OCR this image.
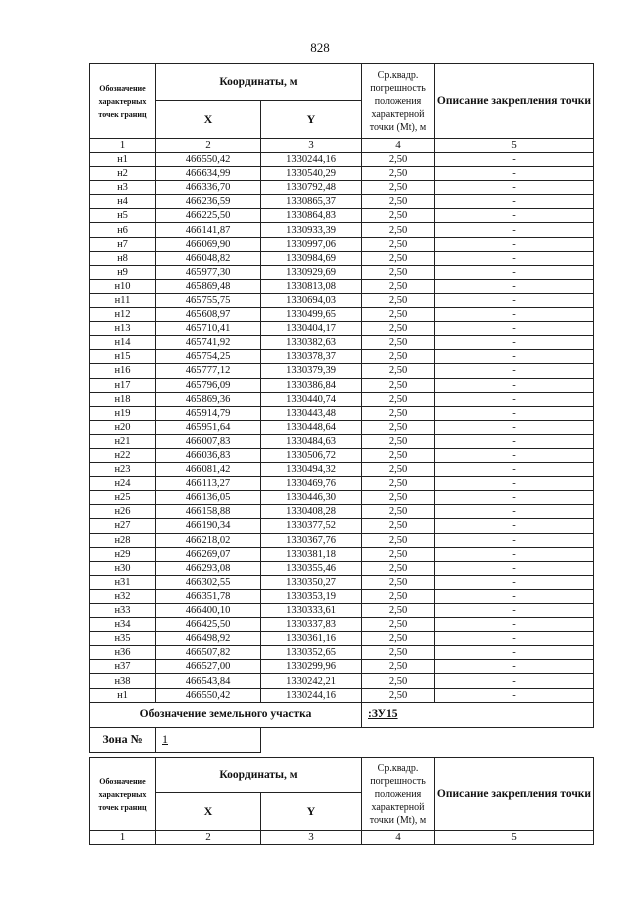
828
Обозначение характерных точек границ	Координаты, м		Ср.квадр. погрешность положения характерной точки (Мt), м	Описание закрепления точки
	X	Y		
1	2	3	4	5
н1	466550,42	1330244,16	2,50	-
н2	466634,99	1330540,29	2,50	-
н3	466336,70	1330792,48	2,50	-
н4	466236,59	1330865,37	2,50	-
н5	466225,50	1330864,83	2,50	-
н6	466141,87	1330933,39	2,50	-
н7	466069,90	1330997,06	2,50	-
н8	466048,82	1330984,69	2,50	-
н9	465977,30	1330929,69	2,50	-
н10	465869,48	1330813,08	2,50	-
н11	465755,75	1330694,03	2,50	-
н12	465608,97	1330499,65	2,50	-
н13	465710,41	1330404,17	2,50	-
н14	465741,92	1330382,63	2,50	-
н15	465754,25	1330378,37	2,50	-
н16	465777,12	1330379,39	2,50	-
н17	465796,09	1330386,84	2,50	-
н18	465869,36	1330440,74	2,50	-
н19	465914,79	1330443,48	2,50	-
н20	465951,64	1330448,64	2,50	-
н21	466007,83	1330484,63	2,50	-
н22	466036,83	1330506,72	2,50	-
н23	466081,42	1330494,32	2,50	-
н24	466113,27	1330469,76	2,50	-
н25	466136,05	1330446,30	2,50	-
н26	466158,88	1330408,28	2,50	-
н27	466190,34	1330377,52	2,50	-
н28	466218,02	1330367,76	2,50	-
н29	466269,07	1330381,18	2,50	-
н30	466293,08	1330355,46	2,50	-
н31	466302,55	1330350,27	2,50	-
н32	466351,78	1330353,19	2,50	-
н33	466400,10	1330333,61	2,50	-
н34	466425,50	1330337,83	2,50	-
н35	466498,92	1330361,16	2,50	-
н36	466507,82	1330352,65	2,50	-
н37	466527,00	1330299,96	2,50	-
н38	466543,84	1330242,21	2,50	-
н1	466550,42	1330244,16	2,50	-
Обозначение земельного участка			:ЗУ15	
Зона №	1			
Обозначение характерных точек границ	Координаты, м		Ср.квадр. погрешность положения характерной точки (Мt), м	Описание закрепления точки
	X	Y		
1	2	3	4	5
